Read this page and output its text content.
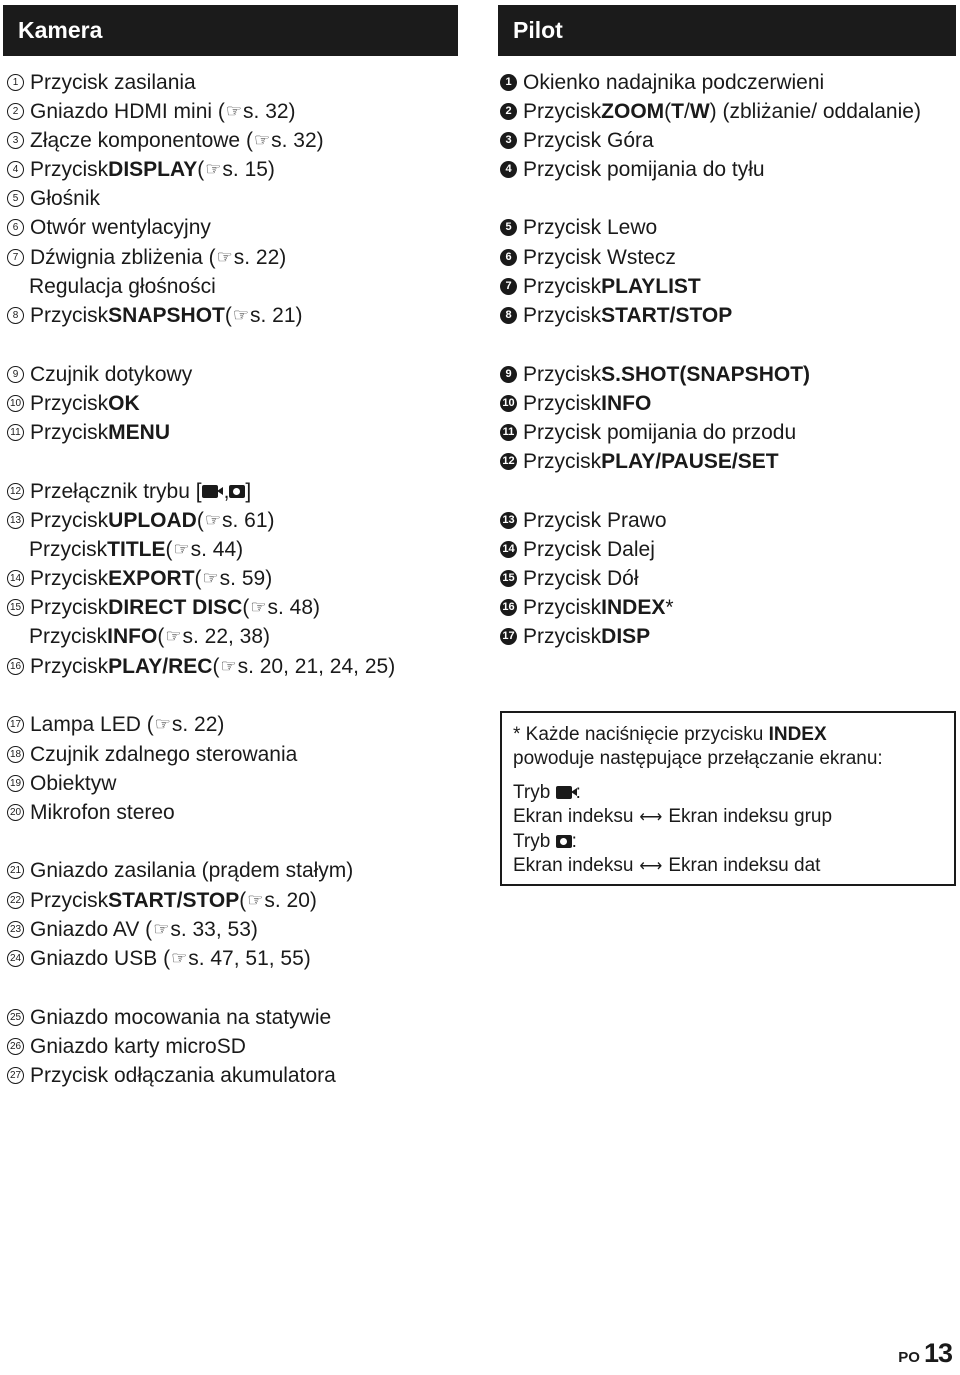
Kamera
1 Przycisk zasilania
2 Gniazdo HDMI mini ( ☞ s. 32)
3 Złącze komponentowe ( ☞ s. 32)
4 Przycisk DISPLAY ( ☞ s. 15)
5 Głośnik
6 Otwór wentylacyjny
7 Dźwignia zbliżenia ( ☞ s. 22)
Regulacja głośności
8 Przycisk SNAPSHOT ( ☞ s. 21)
9 Czujnik dotykowy
10 Przycisk OK
11 Przycisk MENU
12 Przełącznik trybu [ , ]
13 Przycisk UPLOAD ( ☞ s. 61)
Przycisk TITLE ( ☞ s. 44)
14 Przycisk EXPORT ( ☞ s. 59)
15 Przycisk DIRECT DISC ( ☞ s. 48)
Przycisk INFO ( ☞ s. 22, 38)
16 Przycisk PLAY/REC ( ☞ s. 20, 21, 24, 25)
17 Lampa LED ( ☞ s. 22)
18 Czujnik zdalnego sterowania
19 Obiektyw
20 Mikrofon stereo
21 Gniazdo zasilania (prądem stałym)
22 Przycisk START/STOP ( ☞ s. 20)
23 Gniazdo AV ( ☞ s. 33, 53)
24 Gniazdo USB ( ☞ s. 47, 51, 55)
25 Gniazdo mocowania na statywie
26 Gniazdo karty microSD
27 Przycisk odłączania akumulatora
Pilot
1 Okienko nadajnika podczerwieni
2 Przycisk ZOOM ( T / W ) (zbliżanie/ oddalanie)
3 Przycisk Góra
4 Przycisk pomijania do tyłu
5 Przycisk Lewo
6 Przycisk Wstecz
7 Przycisk PLAYLIST
8 Przycisk START/STOP
9 Przycisk S.SHOT(SNAPSHOT)
10 Przycisk INFO
11 Przycisk pomijania do przodu
12 Przycisk PLAY/PAUSE/SET
13 Przycisk Prawo
14 Przycisk Dalej
15 Przycisk Dół
16 Przycisk INDEX *
17 Przycisk DISP
* Każde naciśnięcie przycisku INDEX
powoduje następujące przełączanie ekranu:
Tryb :
Ekran indeksu ⟷ Ekran indeksu grup
Tryb :
Ekran indeksu ⟷ Ekran indeksu dat
PO 13
